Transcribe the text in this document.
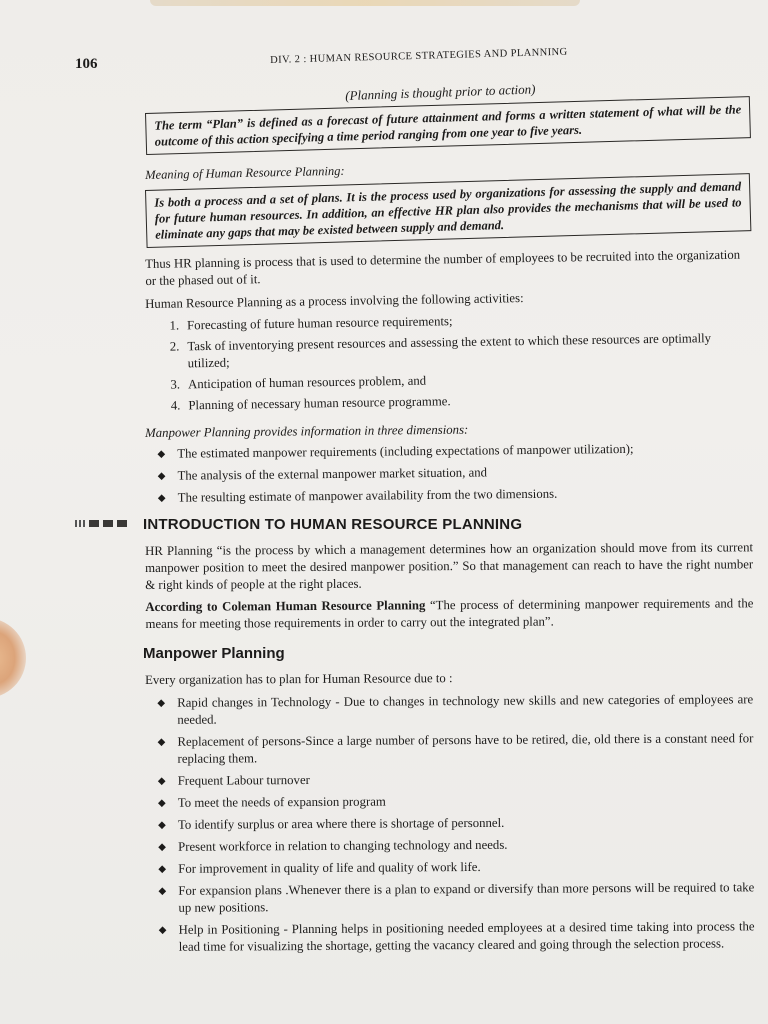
106	DIV. 2 : HUMAN RESOURCE STRATEGIES AND PLANNING
(Planning is thought prior to action)
The term “Plan” is defined as a forecast of future attainment and forms a written statement of what will be the outcome of this action specifying a time period ranging from one year to five years.
Meaning of Human Resource Planning:
Is both a process and a set of plans. It is the process used by organizations for assessing the supply and demand for future human resources. In addition, an effective HR plan also provides the mechanisms that will be used to eliminate any gaps that may be existed between supply and demand.
Thus HR planning is process that is used to determine the number of employees to be recruited into the organization or the phased out of it.
Human Resource Planning as a process involving the following activities:
1. Forecasting of future human resource requirements;
2. Task of inventorying present resources and assessing the extent to which these resources are optimally utilized;
3. Anticipation of human resources problem, and
4. Planning of necessary human resource programme.
Manpower Planning provides information in three dimensions:
◆ The estimated manpower requirements (including expectations of manpower utilization);
◆ The analysis of the external manpower market situation, and
◆ The resulting estimate of manpower availability from the two dimensions.
INTRODUCTION TO HUMAN RESOURCE PLANNING
HR Planning “is the process by which a management determines how an organization should move from its current manpower position to meet the desired manpower position.” So that management can reach to have the right number & right kinds of people at the right places.
According to Coleman Human Resource Planning “The process of determining manpower requirements and the means for meeting those requirements in order to carry out the integrated plan”.
Manpower Planning
Every organization has to plan for Human Resource due to :
◆ Rapid changes in Technology - Due to changes in technology new skills and new categories of employees are needed.
◆ Replacement of persons-Since a large number of persons have to be retired, die, old there is a constant need for replacing them.
◆ Frequent Labour turnover
◆ To meet the needs of expansion program
◆ To identify surplus or area where there is shortage of personnel.
◆ Present workforce in relation to changing technology and needs.
◆ For improvement in quality of life and quality of work life.
◆ For expansion plans .Whenever there is a plan to expand or diversify than more persons will be required to take up new positions.
◆ Help in Positioning - Planning helps in positioning needed employees at a desired time taking into process the lead time for visualizing the shortage, getting the vacancy cleared and going through the selection process.
